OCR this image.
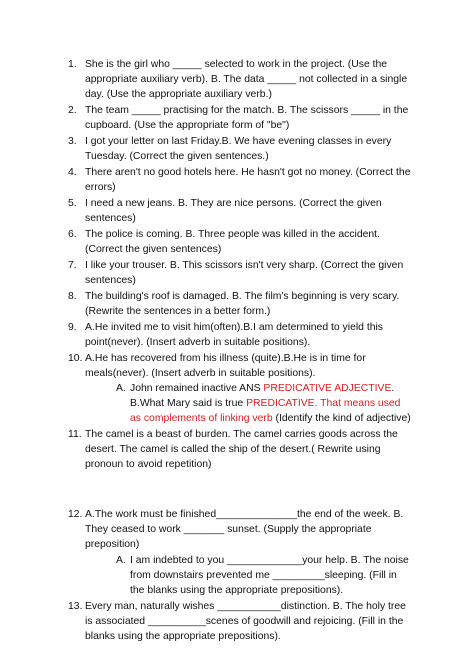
1. She is the girl who _____ selected to work in the project. (Use the appropriate auxiliary verb). B. The data _____ not collected in a single day. (Use the appropriate auxiliary verb.)
2. The team _____ practising for the match. B. The scissors _____ in the cupboard. (Use the appropriate form of "be")
3. I got your letter on last Friday.B. We have evening classes in every Tuesday. (Correct the given sentences.)
4. There aren't no good hotels here. He hasn't got no money. (Correct the errors)
5. I need a new jeans. B. They are nice persons. (Correct the given sentences)
6. The police is coming. B. Three people was killed in the accident. (Correct the given sentences)
7. I like your trouser. B. This scissors isn't very sharp. (Correct the given sentences)
8. The building's roof is damaged. B. The film's beginning is very scary. (Rewrite the sentences in a better form.)
9. A.He invited me to visit him(often).B.I am determined to yield this point(never). (Insert adverb in suitable positions).
10. A.He has recovered from his illness (quite).B.He is in time for meals(never). (Insert adverb in suitable positions).
A. John remained inactive ANS PREDICATIVE ADJECTIVE. B.What Mary said is true PREDICATIVE. That means used as complements of linking verb (Identify the kind of adjective)
11. The camel is a beast of burden. The camel carries goods across the desert. The camel is called the ship of the desert.( Rewrite using pronoun to avoid repetition)
12. A.The work must be finished______________the end of the week. B. They ceased to work _______ sunset. (Supply the appropriate preposition)
A. I am indebted to you _____________your help. B. The noise from downstairs prevented me _________sleeping. (Fill in the blanks using the appropriate prepositions).
13. Every man, naturally wishes ___________distinction. B. The holy tree is associated __________scenes of goodwill and rejoicing. (Fill in the blanks using the appropriate prepositions).
